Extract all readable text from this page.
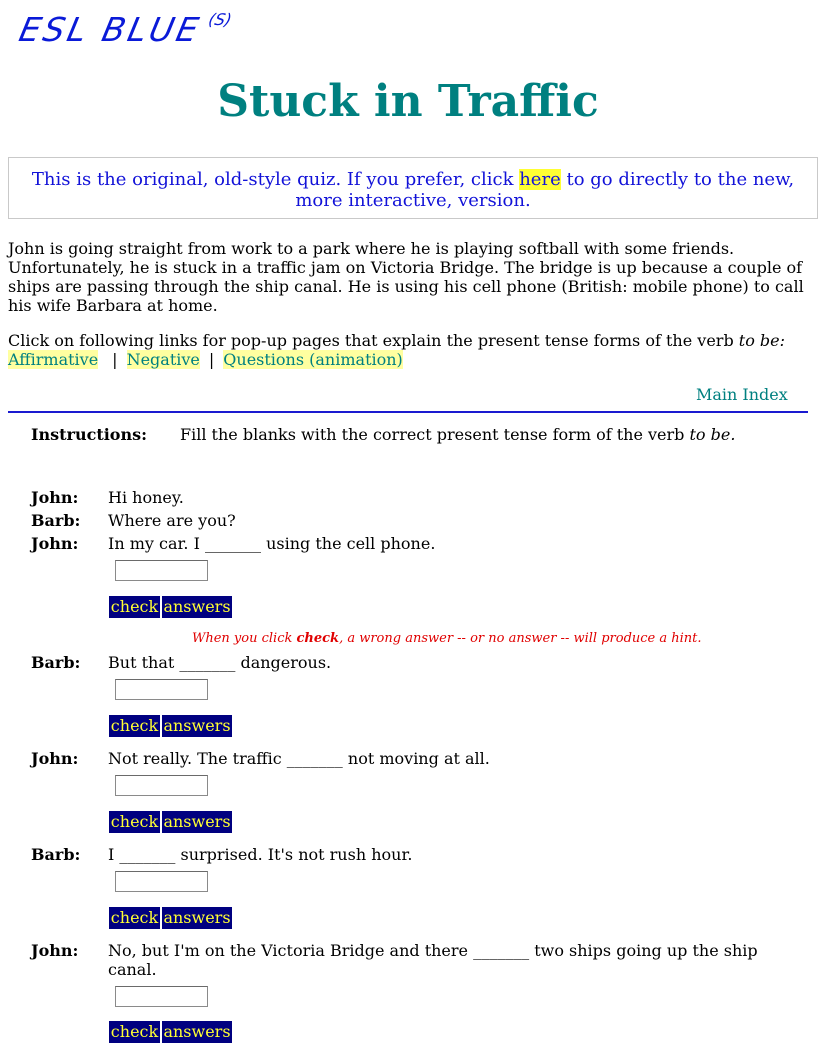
ESL BLUE (S)
Stuck in Traffic
This is the original, old-style quiz. If you prefer, click here to go directly to the new,
more interactive, version.
John is going straight from work to a park where he is playing softball with some friends.
Unfortunately, he is stuck in a traffic jam on Victoria Bridge. The bridge is up because a couple of
ships are passing through the ship canal. He is using his cell phone (British: mobile phone) to call
his wife Barbara at home.
Click on following links for pop-up pages that explain the present tense forms of the verb to be:
Affirmative | Negative | Questions (animation)
Main Index
Instructions: Fill the blanks with the correct present tense form of the verb to be.
John: Hi honey.
Barb: Where are you?
John: In my car. I _______ using the cell phone.
check answers
When you click check, a wrong answer -- or no answer -- will produce a hint.
Barb: But that _______ dangerous.
check answers
John: Not really. The traffic _______ not moving at all.
check answers
Barb: I _______ surprised. It's not rush hour.
check answers
John: No, but I'm on the Victoria Bridge and there _______ two ships going up the ship
canal.
check answers
